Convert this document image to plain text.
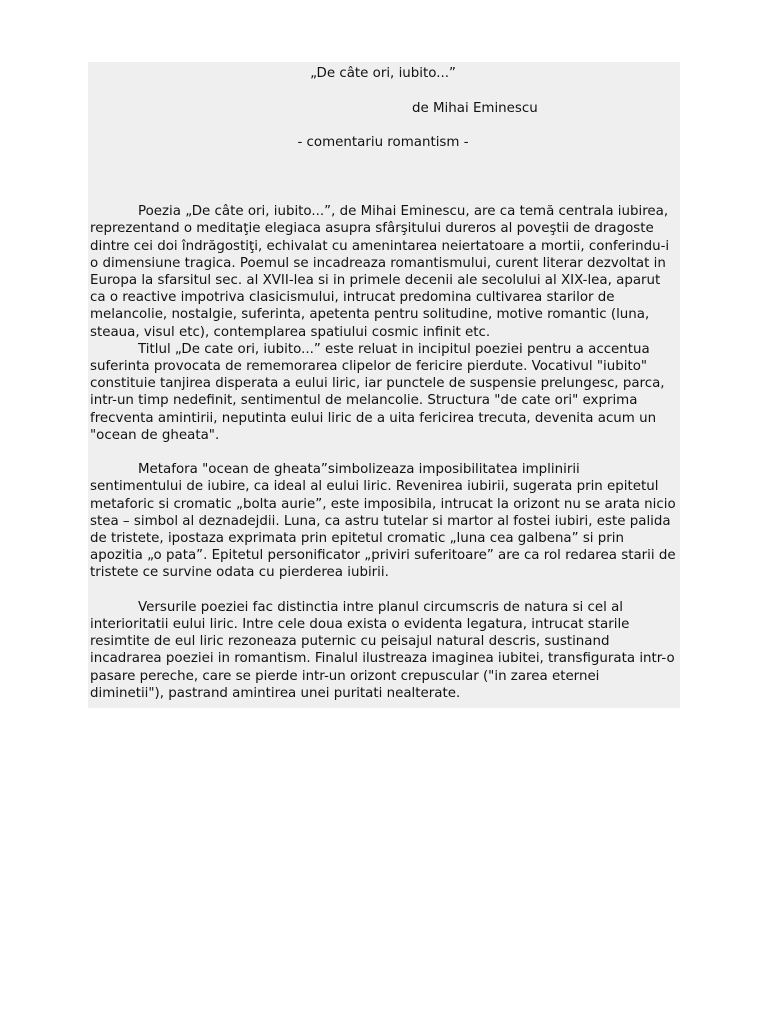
„De câte ori, iubito...”
de Mihai Eminescu
- comentariu romantism -

Poezia „De câte ori, iubito...”, de Mihai Eminescu, are ca temă centrala iubirea, reprezentand o meditaţie elegiaca asupra sfârşitului dureros al poveştii de dragoste dintre cei doi îndrăgostiţi, echivalat cu amenintarea neiertatoare a mortii, conferindu-i o dimensiune tragica. Poemul se incadreaza romantismului, curent literar dezvoltat in Europa la sfarsitul sec. al XVII-lea si in primele decenii ale secolului al XIX-lea, aparut ca o reactive impotriva clasicismului, intrucat predomina cultivarea starilor de melancolie, nostalgie, suferinta, apetenta pentru solitudine, motive romantic (luna, steaua, visul etc), contemplarea spatiului cosmic infinit etc.

Titlul „De cate ori, iubito...” este reluat in incipitul poeziei pentru a accentua suferinta provocata de rememorarea clipelor de fericire pierdute. Vocativul "iubito" constituie tanjirea disperata a eului liric, iar punctele de suspensie prelungesc, parca, intr-un timp nedefinit, sentimentul de melancolie. Structura "de cate ori" exprima frecventa amintirii, neputinta eului liric de a uita fericirea trecuta, devenita acum un "ocean de gheata".

Metafora "ocean de gheata”simbolizeaza imposibilitatea implinirii sentimentului de iubire, ca ideal al eului liric. Revenirea iubirii, sugerata prin epitetul metaforic si cromatic „bolta aurie”, este imposibila, intrucat la orizont nu se arata nicio stea – simbol al deznadejdii. Luna, ca astru tutelar si martor al fostei iubiri, este palida de tristete, ipostaza exprimata prin epitetul cromatic „luna cea galbena” si prin apozitia „o pata”. Epitetul personificator „priviri suferitoare” are ca rol redarea starii de tristete ce survine odata cu pierderea iubirii.

Versurile poeziei fac distinctia intre planul circumscris de natura si cel al interioritatii eului liric. Intre cele doua exista o evidenta legatura, intrucat starile resimtite de eul liric rezoneaza puternic cu peisajul natural descris, sustinand incadrarea poeziei in romantism. Finalul ilustreaza imaginea iubitei, transfigurata intr-o pasare pereche, care se pierde intr-un orizont crepuscular ("in zarea eternei diminetii"), pastrand amintirea unei puritati nealterate.
